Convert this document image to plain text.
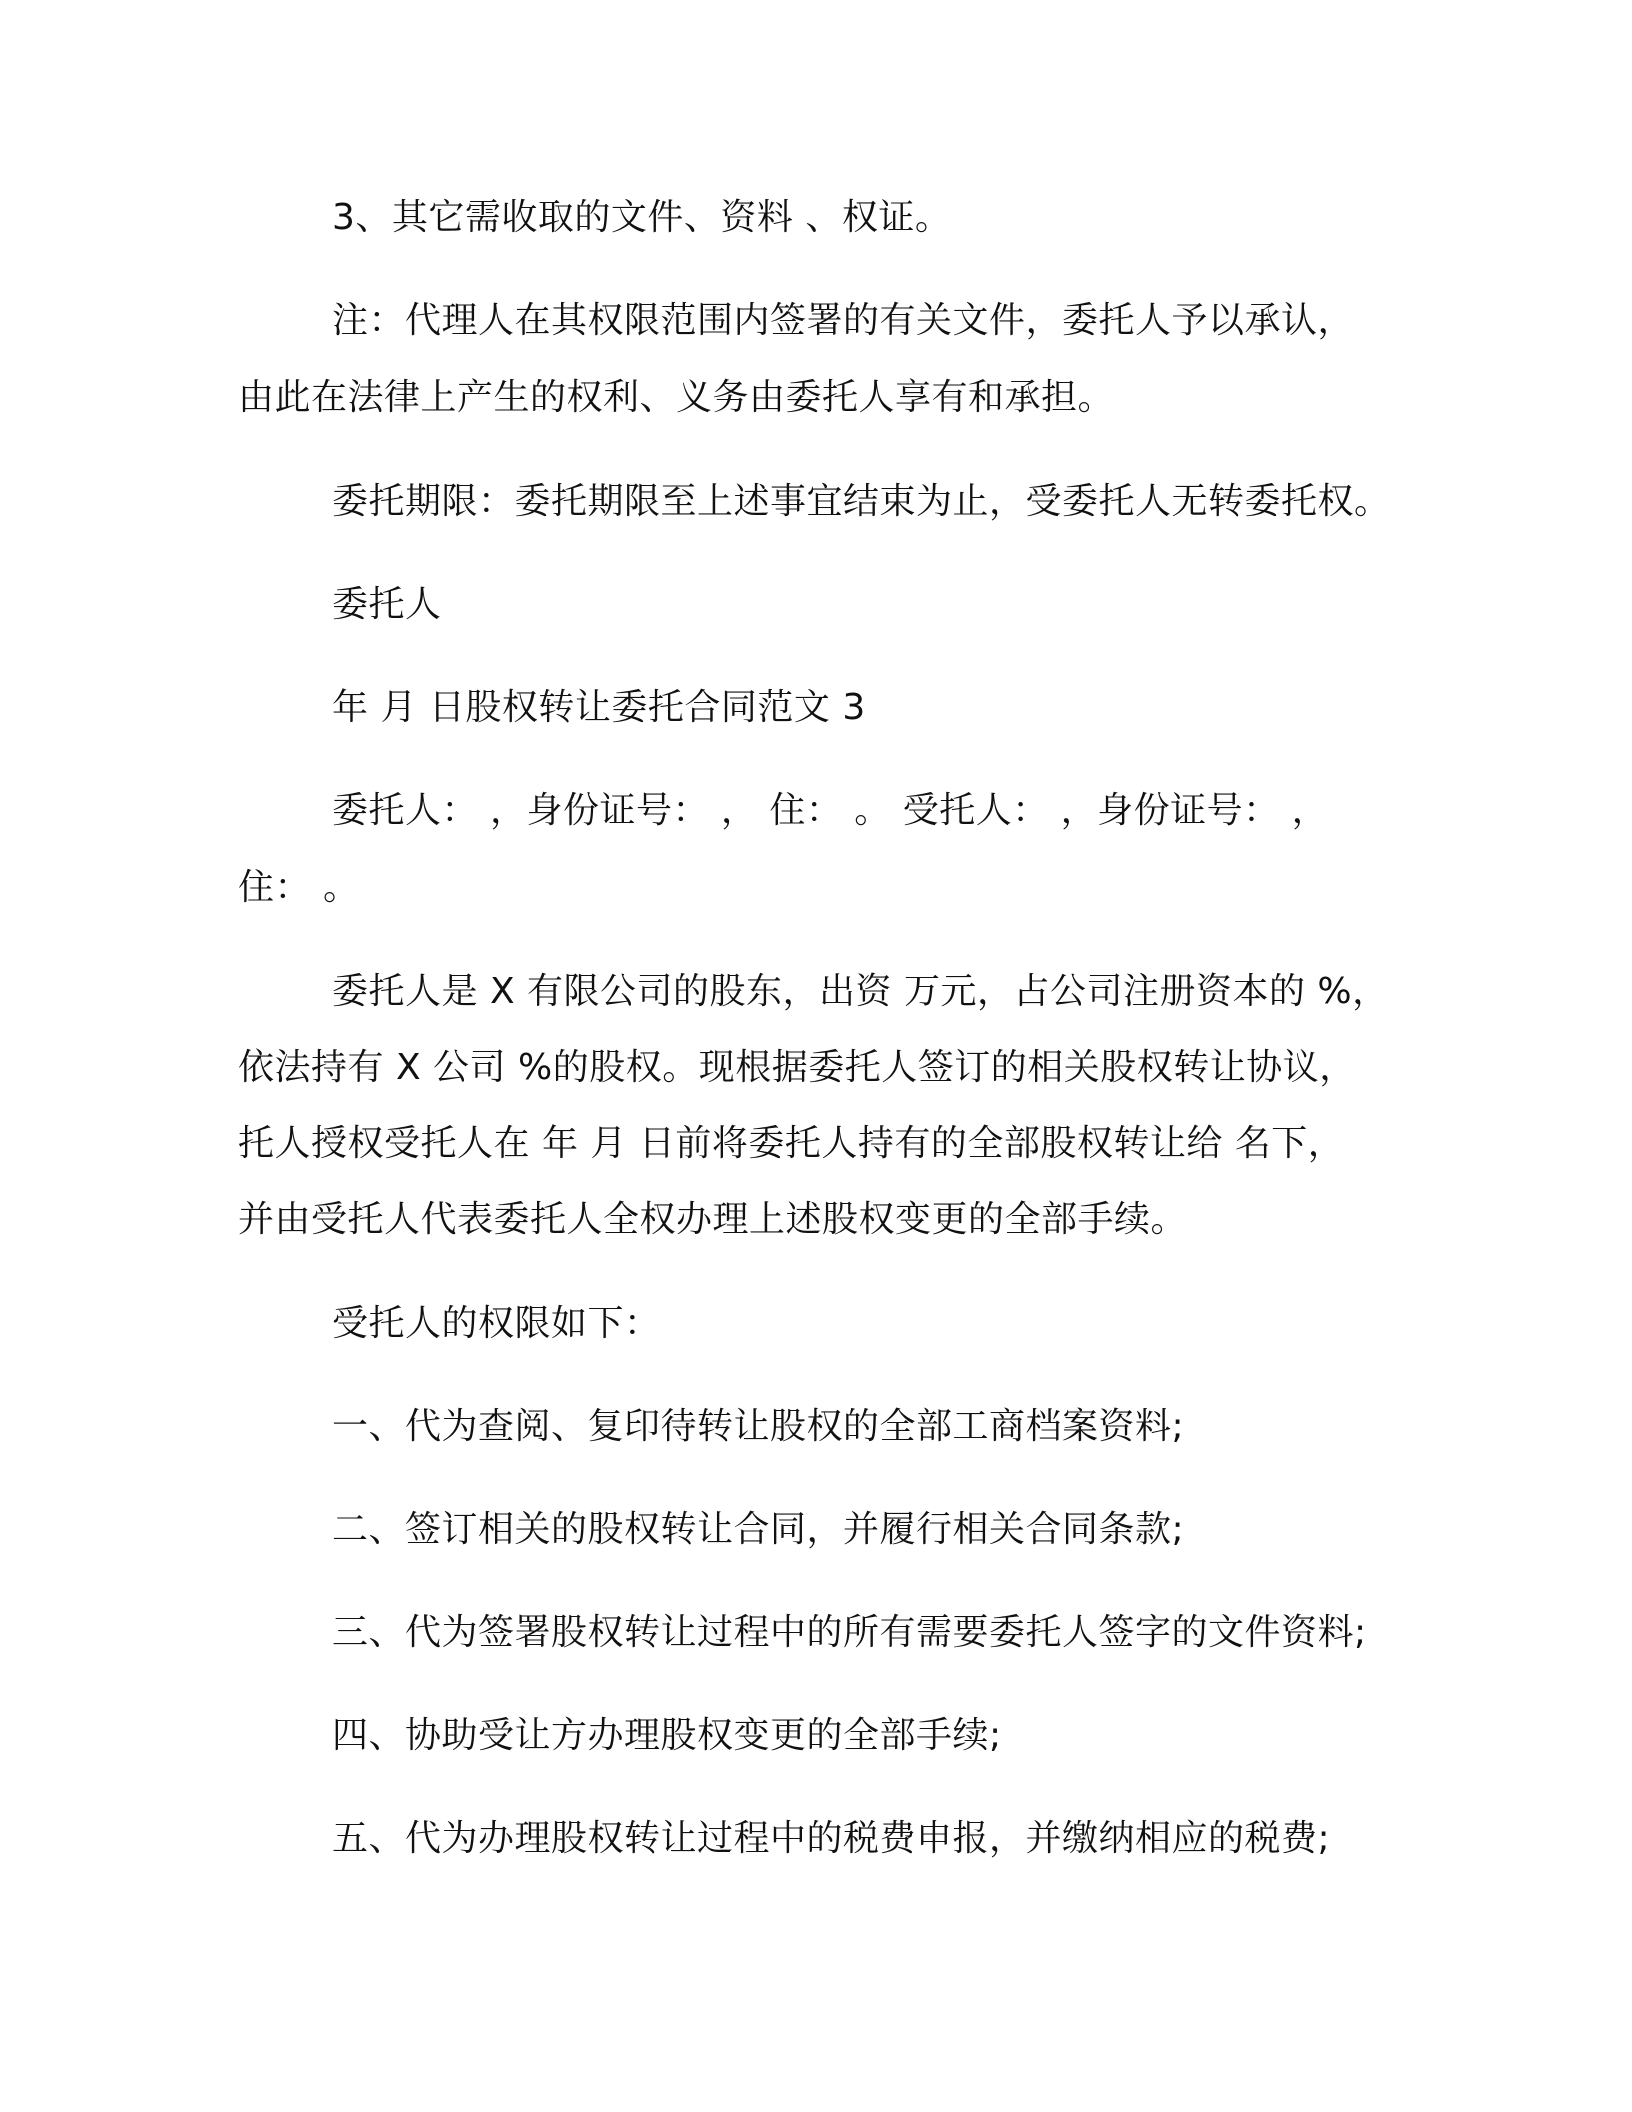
3、其它需收取的文件、资料 、权证。
注：代理人在其权限范围内签署的有关文件，委托人予以承认，
由此在法律上产生的权利、义务由委托人享有和承担。
委托期限：委托期限至上述事宜结束为止，受委托人无转委托权。
委托人
年 月 日股权转让委托合同范文 3
委托人： ，身份证号： ， 住： 。 受托人： ，身份证号： ，
住： 。
委托人是 X 有限公司的股东，出资 万元，占公司注册资本的 %，
依法持有 X 公司 %的股权。现根据委托人签订的相关股权转让协议，
托人授权受托人在 年 月 日前将委托人持有的全部股权转让给 名下，
并由受托人代表委托人全权办理上述股权变更的全部手续。
受托人的权限如下：
一、代为查阅、复印待转让股权的全部工商档案资料;
二、签订相关的股权转让合同，并履行相关合同条款;
三、代为签署股权转让过程中的所有需要委托人签字的文件资料;
四、协助受让方办理股权变更的全部手续;
五、代为办理股权转让过程中的税费申报，并缴纳相应的税费;
